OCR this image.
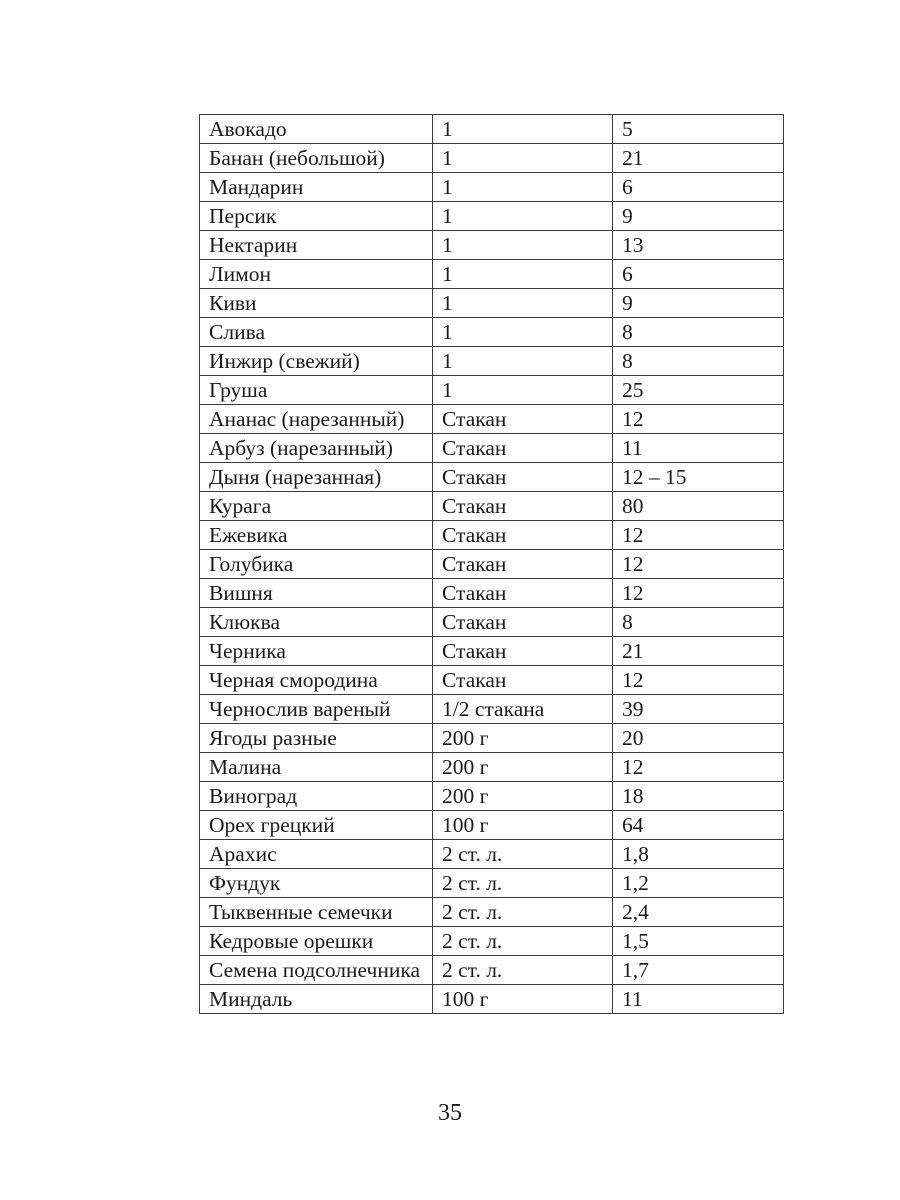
Авокадо	1	5
Банан (небольшой)	1	21
Мандарин	1	6
Персик	1	9
Нектарин	1	13
Лимон	1	6
Киви	1	9
Слива	1	8
Инжир (свежий)	1	8
Груша	1	25
Ананас (нарезанный)	Стакан	12
Арбуз (нарезанный)	Стакан	11
Дыня (нарезанная)	Стакан	12 – 15
Курага	Стакан	80
Ежевика	Стакан	12
Голубика	Стакан	12
Вишня	Стакан	12
Клюква	Стакан	8
Черника	Стакан	21
Черная смородина	Стакан	12
Чернослив вареный	1/2 стакана	39
Ягоды разные	200 г	20
Малина	200 г	12
Виноград	200 г	18
Орех грецкий	100 г	64
Арахис	2 ст. л.	1,8
Фундук	2 ст. л.	1,2
Тыквенные семечки	2 ст. л.	2,4
Кедровые орешки	2 ст. л.	1,5
Семена подсолнечника	2 ст. л.	1,7
Миндаль	100 г	11
35
